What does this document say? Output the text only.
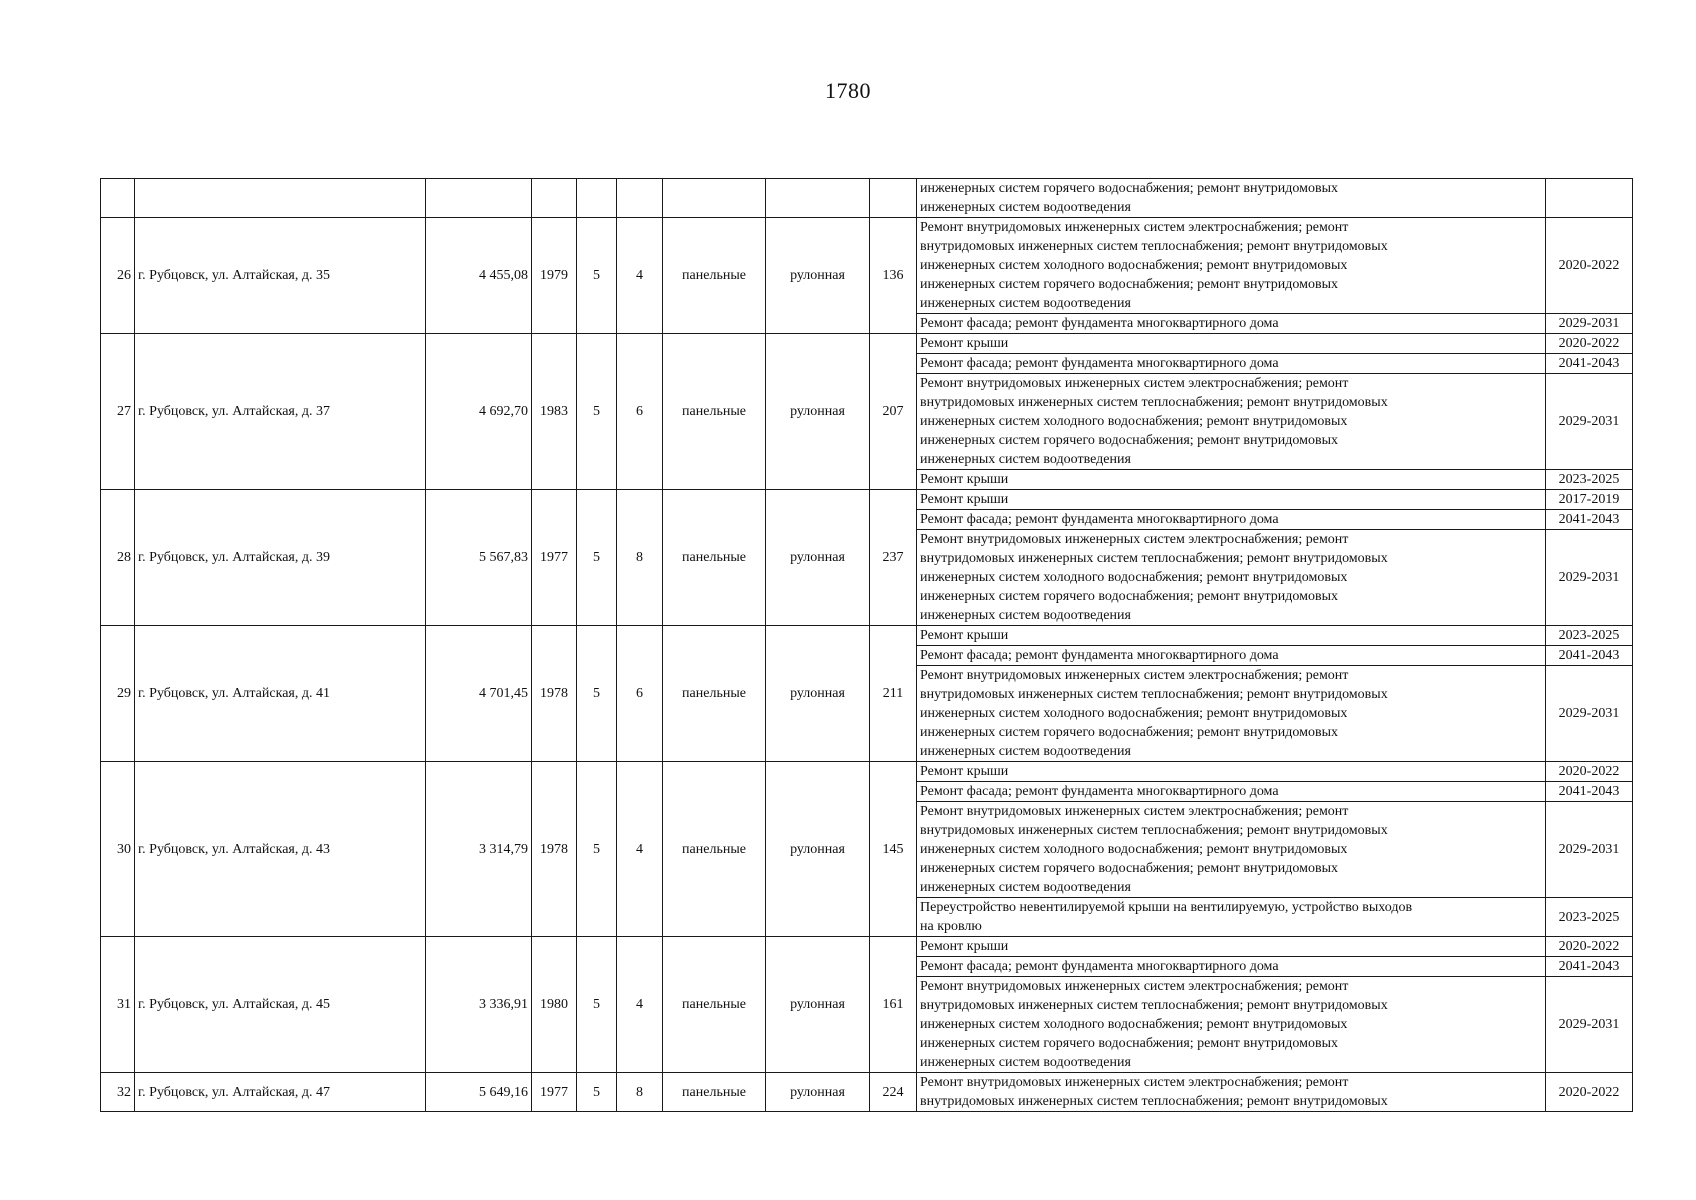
1780

									инженерных систем горячего водоснабжения; ремонт внутридомовых
инженерных систем водоотведения	

26	г. Рубцовск, ул. Алтайская, д. 35	4 455,08	1979	5	4	панельные	рулонная	136	Ремонт внутридомовых инженерных систем электроснабжения; ремонт
внутридомовых инженерных систем теплоснабжения; ремонт внутридомовых
инженерных систем холодного водоснабжения; ремонт внутридомовых
инженерных систем горячего водоснабжения; ремонт внутридомовых
инженерных систем водоотведения	2020-2022

									Ремонт фасада; ремонт фундамента многоквартирного дома	2029-2031
27	г. Рубцовск, ул. Алтайская, д. 37	4 692,70	1983	5	6	панельные	рулонная	207	Ремонт крыши	2020-2022

									Ремонт фасада; ремонт фундамента многоквартирного дома	2041-2043

									Ремонт внутридомовых инженерных систем электроснабжения; ремонт
внутридомовых инженерных систем теплоснабжения; ремонт внутридомовых
инженерных систем холодного водоснабжения; ремонт внутридомовых
инженерных систем горячего водоснабжения; ремонт внутридомовых
инженерных систем водоотведения	2029-2031

									Ремонт крыши	2023-2025
28	г. Рубцовск, ул. Алтайская, д. 39	5 567,83	1977	5	8	панельные	рулонная	237	Ремонт крыши	2017-2019

									Ремонт фасада; ремонт фундамента многоквартирного дома	2041-2043

									Ремонт внутридомовых инженерных систем электроснабжения; ремонт
внутридомовых инженерных систем теплоснабжения; ремонт внутридомовых
инженерных систем холодного водоснабжения; ремонт внутридомовых
инженерных систем горячего водоснабжения; ремонт внутридомовых
инженерных систем водоотведения	2029-2031
29	г. Рубцовск, ул. Алтайская, д. 41	4 701,45	1978	5	6	панельные	рулонная	211	Ремонт крыши	2023-2025

									Ремонт фасада; ремонт фундамента многоквартирного дома	2041-2043

									Ремонт внутридомовых инженерных систем электроснабжения; ремонт
внутридомовых инженерных систем теплоснабжения; ремонт внутридомовых
инженерных систем холодного водоснабжения; ремонт внутридомовых
инженерных систем горячего водоснабжения; ремонт внутридомовых
инженерных систем водоотведения	2029-2031
30	г. Рубцовск, ул. Алтайская, д. 43	3 314,79	1978	5	4	панельные	рулонная	145	Ремонт крыши	2020-2022

									Ремонт фасада; ремонт фундамента многоквартирного дома	2041-2043

									Ремонт внутридомовых инженерных систем электроснабжения; ремонт
внутридомовых инженерных систем теплоснабжения; ремонт внутридомовых
инженерных систем холодного водоснабжения; ремонт внутридомовых
инженерных систем горячего водоснабжения; ремонт внутридомовых
инженерных систем водоотведения	2029-2031

									Переустройство невентилируемой крыши на вентилируемую, устройство выходов
на кровлю	2023-2025
31	г. Рубцовск, ул. Алтайская, д. 45	3 336,91	1980	5	4	панельные	рулонная	161	Ремонт крыши	2020-2022

									Ремонт фасада; ремонт фундамента многоквартирного дома	2041-2043

									Ремонт внутридомовых инженерных систем электроснабжения; ремонт
внутридомовых инженерных систем теплоснабжения; ремонт внутридомовых
инженерных систем холодного водоснабжения; ремонт внутридомовых
инженерных систем горячего водоснабжения; ремонт внутридомовых
инженерных систем водоотведения	2029-2031
32	г. Рубцовск, ул. Алтайская, д. 47	5 649,16	1977	5	8	панельные	рулонная	224	Ремонт внутридомовых инженерных систем электроснабжения; ремонт
внутридомовых инженерных систем теплоснабжения; ремонт внутридомовых	2020-2022
